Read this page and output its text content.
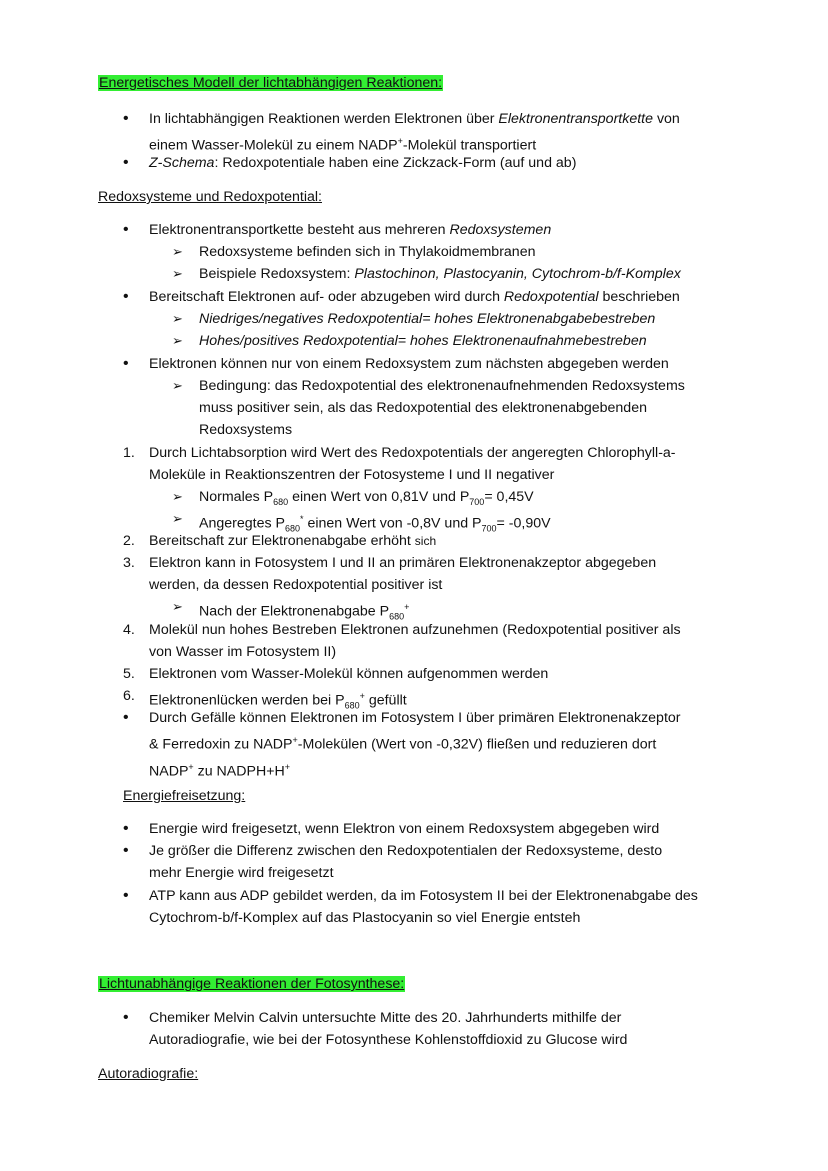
Energetisches Modell der lichtabhängigen Reaktionen:
•	In lichtabhängigen Reaktionen werden Elektronen über Elektronentransportkette von
einem Wasser-Molekül zu einem NADP+-Molekül transportiert
•	Z-Schema: Redoxpotentiale haben eine Zickzack-Form (auf und ab)
Redoxsysteme und Redoxpotential:
•	Elektronentransportkette besteht aus mehreren Redoxsystemen
➢ Redoxsysteme befinden sich in Thylakoidmembranen
➢ Beispiele Redoxsystem: Plastochinon, Plastocyanin, Cytochrom-b/f-Komplex
•	Bereitschaft Elektronen auf- oder abzugeben wird durch Redoxpotential beschrieben
➢ Niedriges/negatives Redoxpotential= hohes Elektronenabgabebestreben
➢ Hohes/positives Redoxpotential= hohes Elektronenaufnahmebestreben
•	Elektronen können nur von einem Redoxsystem zum nächsten abgegeben werden
➢ Bedingung: das Redoxpotential des elektronenaufnehmenden Redoxsystems
muss positiver sein, als das Redoxpotential des elektronenabgebenden
Redoxsystems
1. Durch Lichtabsorption wird Wert des Redoxpotentials der angeregten Chlorophyll-a-
Moleküle in Reaktionszentren der Fotosysteme I und II negativer
➢ Normales $P_{680}$ einen Wert von 0,81V und $P_{700}= 0,45V$
➢ Angeregtes $P_{680}^*$ einen Wert von -0,8V und $P_{700}= -0,90V$
2. Bereitschaft zur Elektronenabgabe erhöht sich
3. Elektron kann in Fotosystem I und II an primären Elektronenakzeptor abgegeben
werden, da dessen Redoxpotential positiver ist
➢ Nach der Elektronenabgabe $P_{680}^+$
4. Molekül nun hohes Bestreben Elektronen aufzunehmen (Redoxpotential positiver als
von Wasser im Fotosystem II)
5. Elektronen vom Wasser-Molekül können aufgenommen werden
6. Elektronenlücken werden bei $P_{680}^+$ gefüllt
•	Durch Gefälle können Elektronen im Fotosystem I über primären Elektronenakzeptor
& Ferredoxin zu NADP+-Molekülen (Wert von -0,32V) fließen und reduzieren dort
NADP+ zu NADPH+H+
Energiefreisetzung:
•	Energie wird freigesetzt, wenn Elektron von einem Redoxsystem abgegeben wird
•	Je größer die Differenz zwischen den Redoxpotentialen der Redoxsysteme, desto
mehr Energie wird freigesetzt
•	ATP kann aus ADP gebildet werden, da im Fotosystem II bei der Elektronenabgabe des
Cytochrom-b/f-Komplex auf das Plastocyanin so viel Energie entsteh
Lichtunabhängige Reaktionen der Fotosynthese:
•	Chemiker Melvin Calvin untersuchte Mitte des 20. Jahrhunderts mithilfe der
Autoradiografie, wie bei der Fotosynthese Kohlenstoffdioxid zu Glucose wird
Autoradiografie:
